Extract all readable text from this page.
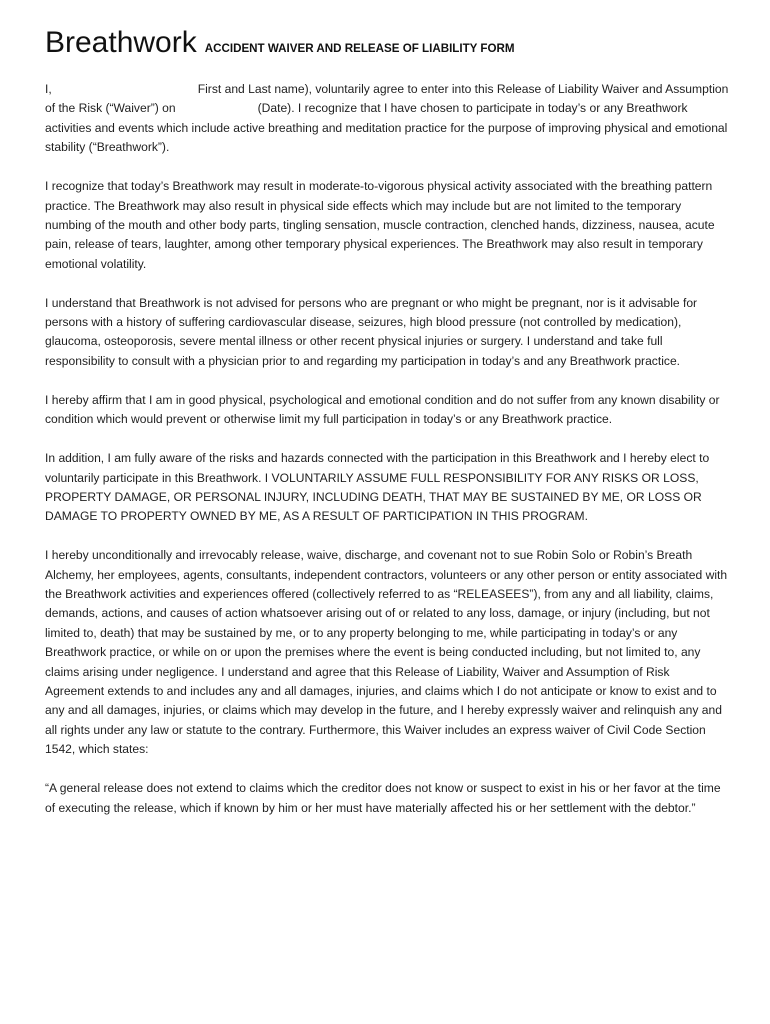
Breathwork ACCIDENT WAIVER AND RELEASE OF LIABILITY FORM

I,	First and Last name), voluntarily agree to enter into this Release of Liability Waiver and Assumption of the Risk (“Waiver”) on	(Date). I recognize that I have chosen to participate in today’s or any Breathwork activities and events which include active breathing and meditation practice for the purpose of improving physical and emotional stability (“Breathwork”).

I recognize that today’s Breathwork may result in moderate-to-vigorous physical activity associated with the breathing pattern practice. The Breathwork may also result in physical side effects which may include but are not limited to the temporary numbing of the mouth and other body parts, tingling sensation, muscle contraction, clenched hands, dizziness, nausea, acute pain, release of tears, laughter, among other temporary physical experiences. The Breathwork may also result in temporary emotional volatility.

I understand that Breathwork is not advised for persons who are pregnant or who might be pregnant, nor is it advisable for persons with a history of suffering cardiovascular disease, seizures, high blood pressure (not controlled by medication), glaucoma, osteoporosis, severe mental illness or other recent physical injuries or surgery. I understand and take full responsibility to consult with a physician prior to and regarding my participation in today’s and any Breathwork practice.

I hereby affirm that I am in good physical, psychological and emotional condition and do not suffer from any known disability or condition which would prevent or otherwise limit my full participation in today’s or any Breathwork practice.

In addition, I am fully aware of the risks and hazards connected with the participation in this Breathwork and I hereby elect to voluntarily participate in this Breathwork. I VOLUNTARILY ASSUME FULL RESPONSIBILITY FOR ANY RISKS OR LOSS, PROPERTY DAMAGE, OR PERSONAL INJURY, INCLUDING DEATH, THAT MAY BE SUSTAINED BY ME, OR LOSS OR DAMAGE TO PROPERTY OWNED BY ME, AS A RESULT OF PARTICIPATION IN THIS PROGRAM.

I hereby unconditionally and irrevocably release, waive, discharge, and covenant not to sue Robin Solo or Robin’s Breath Alchemy, her employees, agents, consultants, independent contractors, volunteers or any other person or entity associated with the Breathwork activities and experiences offered (collectively referred to as “RELEASEES”), from any and all liability, claims, demands, actions, and causes of action whatsoever arising out of or related to any loss, damage, or injury (including, but not limited to, death) that may be sustained by me, or to any property belonging to me, while participating in today’s or any Breathwork practice, or while on or upon the premises where the event is being conducted including, but not limited to, any claims arising under negligence. I understand and agree that this Release of Liability, Waiver and Assumption of Risk Agreement extends to and includes any and all damages, injuries, and claims which I do not anticipate or know to exist and to any and all damages, injuries, or claims which may develop in the future, and I hereby expressly waiver and relinquish any and all rights under any law or statute to the contrary. Furthermore, this Waiver includes an express waiver of Civil Code Section 1542, which states:

“A general release does not extend to claims which the creditor does not know or suspect to exist in his or her favor at the time of executing the release, which if known by him or her must have materially affected his or her settlement with the debtor.”
